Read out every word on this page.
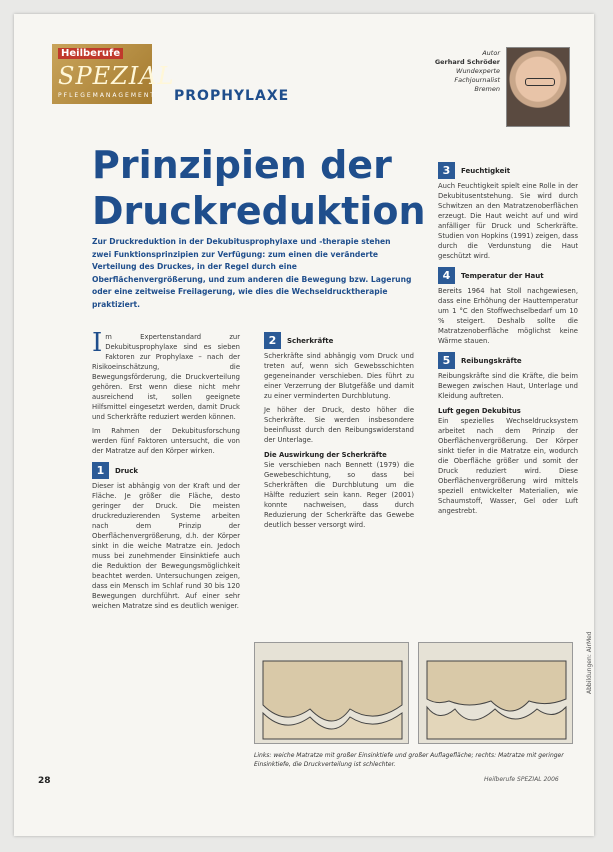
Heilberufe
SPEZIAL
PFLEGEMANAGEMENT PROPHYLAXE
Autor
Gerhard Schröder
Wundexperte
Fachjournalist
Bremen
Prinzipien der Druckreduktion
Zur Druckreduktion in der Dekubitusprophylaxe und -therapie stehen zwei Funktionsprinzipien zur Verfügung: zum einen die veränderte Verteilung des Druckes, in der Regel durch eine Oberflächenvergrößerung, und zum anderen die Bewegung bzw. Lagerung oder eine zeitweise Freilagerung, wie dies die Wechseldrucktherapie praktiziert.

Im Expertenstandard zur Dekubitusprophylaxe sind es sieben Faktoren zur Prophylaxe – nach der Risikoeinschätzung, die Bewegungsförderung, die Druckverteilung gehören. Erst wenn diese nicht mehr ausreichend ist, sollen geeignete Hilfsmittel eingesetzt werden, damit Druck und Scherkräfte reduziert werden können.

Im Rahmen der Dekubitusforschung werden fünf Faktoren untersucht, die von der Matratze auf den Körper wirken.

1	Druck

Dieser ist abhängig von der Kraft und der Fläche. Je größer die Fläche, desto geringer der Druck. Die meisten druckreduzierenden Systeme arbeiten nach dem Prinzip der Oberflächenvergrößerung, d.h. der Körper sinkt in die weiche Matratze ein. Jedoch muss bei zunehmender Einsinktiefe auch die Reduktion der Bewegungsmöglichkeit beachtet werden. Untersuchungen zeigen, dass ein Mensch im Schlaf rund 30 bis 120 Bewegungen durchführt. Auf einer sehr weichen Matratze sind es deutlich weniger.

2	Scherkräfte

Scherkräfte sind abhängig vom Druck und treten auf, wenn sich Gewebsschichten gegeneinander verschieben. Dies führt zu einer Verzerrung der Blutgefäße und damit zu einer verminderten Durchblutung.

Je höher der Druck, desto höher die Scherkräfte. Sie werden insbesondere beeinflusst durch den Reibungswiderstand der Unterlage.

Die Auswirkung der Scherkräfte

Sie verschieben nach Bennett (1979) die Gewebeschichtung, so dass bei Scherkräften die Durchblutung um die Hälfte reduziert sein kann. Reger (2001) konnte nachweisen, dass durch Reduzierung der Scherkräfte das Gewebe deutlich besser versorgt wird.

3	Feuchtigkeit

Auch Feuchtigkeit spielt eine Rolle in der Dekubitusentstehung. Sie wird durch Schwitzen an den Matratzenoberflächen erzeugt. Die Haut weicht auf und wird anfälliger für Druck und Scherkräfte. Studien von Hopkins (1991) zeigen, dass durch die Verdunstung die Haut geschützt wird.

4	Temperatur der Haut

Bereits 1964 hat Stoll nachgewiesen, dass eine Erhöhung der Hauttemperatur um 1 °C den Stoffwechselbedarf um 10 % steigert. Deshalb sollte die Matratzenoberfläche möglichst keine Wärme stauen.

5	Reibungskräfte

Reibungskräfte sind die Kräfte, die beim Bewegen zwischen Haut, Unterlage und Kleidung auftreten.

Luft gegen Dekubitus

Ein spezielles Wechseldrucksystem arbeitet nach dem Prinzip der Oberflächenvergrößerung. Der Körper sinkt tiefer in die Matratze ein, wodurch die Oberfläche größer und somit der Druck reduziert wird. Diese Oberflächenvergrößerung wird mittels speziell entwickelter Materialien, wie Schaumstoff, Wasser, Gel oder Luft angestrebt.

Links: weiche Matratze mit großer Einsinktiefe und großer Auflagefläche; rechts: Matratze mit geringer Einsinktiefe, die Druckverteilung ist schlechter.
Abbildungen: AirMed
28	Heilberufe SPEZIAL 2006
